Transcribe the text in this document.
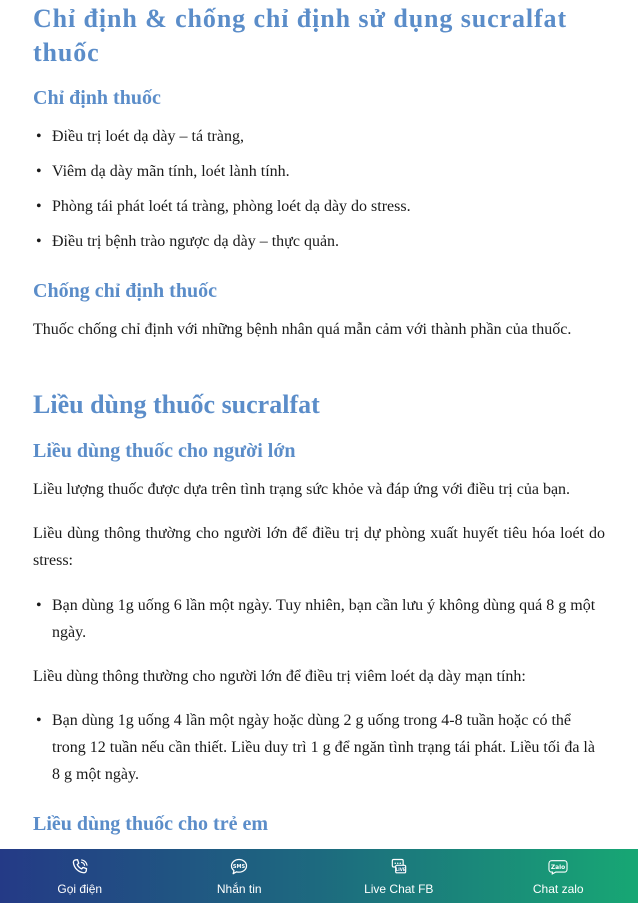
Chỉ định & chống chỉ định sử dụng sucralfat thuốc
Chỉ định thuốc

• Điều trị loét dạ dày – tá tràng,

• Viêm dạ dày mãn tính, loét lành tính.

• Phòng tái phát loét tá tràng, phòng loét dạ dày do stress.

• Điều trị bệnh trào ngược dạ dày – thực quản.

Chống chỉ định thuốc

Thuốc chống chỉ định với những bệnh nhân quá mẫn cảm với thành phần của thuốc.

Liều dùng thuốc sucralfat
Liều dùng thuốc cho người lớn

Liều lượng thuốc được dựa trên tình trạng sức khỏe và đáp ứng với điều trị của bạn.

Liều dùng thông thường cho người lớn để điều trị dự phòng xuất huyết tiêu hóa loét do stress:

• Bạn dùng 1g uống 6 lần một ngày. Tuy nhiên, bạn cần lưu ý không dùng quá 8 g một ngày.

Liều dùng thông thường cho người lớn để điều trị viêm loét dạ dày mạn tính:

• Bạn dùng 1g uống 4 lần một ngày hoặc dùng 2 g uống trong 4-8 tuần hoặc có thể trong 12 tuần nếu cần thiết. Liều duy trì 1 g để ngăn tình trạng tái phát. Liều tối đa là 8 g một ngày.

Liều dùng thuốc cho trẻ em
Gọi điện
SMS
Nhắn tin
LIVE
Live Chat FB
Zalo
Chat zalo
